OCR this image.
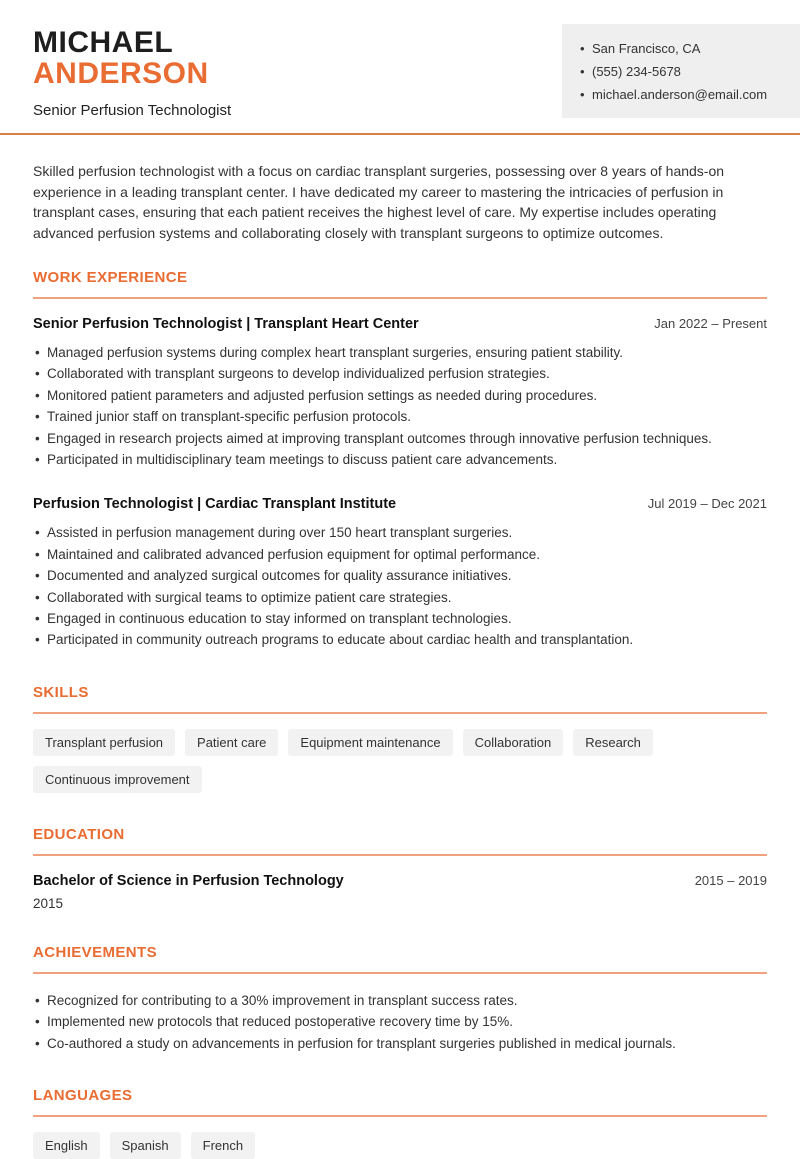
MICHAEL
ANDERSON
Senior Perfusion Technologist
• San Francisco, CA
• (555) 234-5678
• michael.anderson@email.com

Skilled perfusion technologist with a focus on cardiac transplant surgeries, possessing over 8 years of hands-on experience in a leading transplant center. I have dedicated my career to mastering the intricacies of perfusion in transplant cases, ensuring that each patient receives the highest level of care. My expertise includes operating advanced perfusion systems and collaborating closely with transplant surgeons to optimize outcomes.

WORK EXPERIENCE
Senior Perfusion Technologist | Transplant Heart Center	Jan 2022 – Present
• Managed perfusion systems during complex heart transplant surgeries, ensuring patient stability.
• Collaborated with transplant surgeons to develop individualized perfusion strategies.
• Monitored patient parameters and adjusted perfusion settings as needed during procedures.
• Trained junior staff on transplant-specific perfusion protocols.
• Engaged in research projects aimed at improving transplant outcomes through innovative perfusion techniques.
• Participated in multidisciplinary team meetings to discuss patient care advancements.
Perfusion Technologist | Cardiac Transplant Institute	Jul 2019 – Dec 2021
• Assisted in perfusion management during over 150 heart transplant surgeries.
• Maintained and calibrated advanced perfusion equipment for optimal performance.
• Documented and analyzed surgical outcomes for quality assurance initiatives.
• Collaborated with surgical teams to optimize patient care strategies.
• Engaged in continuous education to stay informed on transplant technologies.
• Participated in community outreach programs to educate about cardiac health and transplantation.
SKILLS
Transplant perfusion	Patient care	Equipment maintenance	Collaboration	Research
Continuous improvement
EDUCATION
Bachelor of Science in Perfusion Technology	2015 – 2019
2015
ACHIEVEMENTS
• Recognized for contributing to a 30% improvement in transplant success rates.
• Implemented new protocols that reduced postoperative recovery time by 15%.
• Co-authored a study on advancements in perfusion for transplant surgeries published in medical journals.
LANGUAGES
English	Spanish	French
